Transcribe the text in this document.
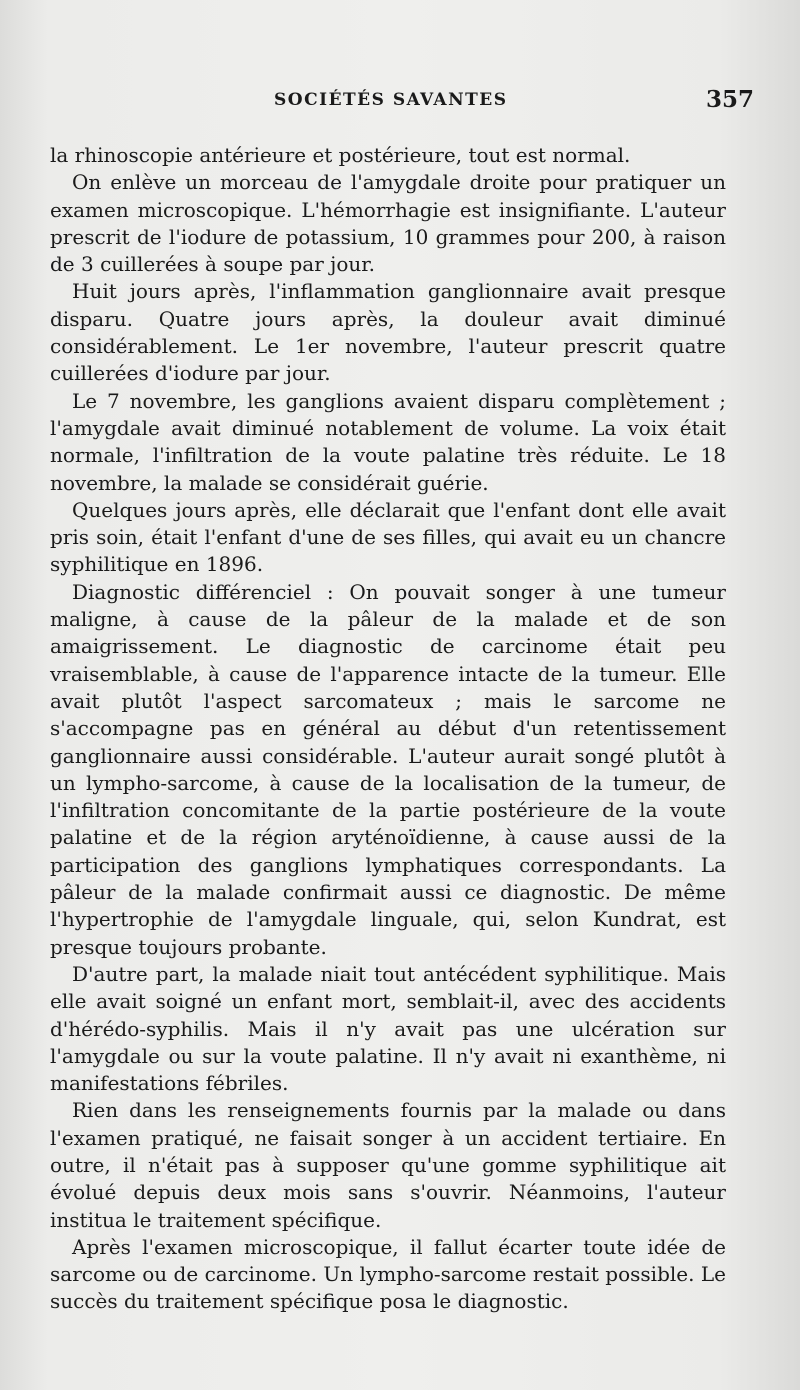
SOCIÉTÉS SAVANTES	357

la rhinoscopie antérieure et postérieure, tout est normal.

On enlève un morceau de l'amygdale droite pour pratiquer un examen microscopique. L'hémorrhagie est insignifiante. L'auteur prescrit de l'iodure de potassium, 10 grammes pour 200, à raison de 3 cuillerées à soupe par jour.

Huit jours après, l'inflammation ganglionnaire avait presque disparu. Quatre jours après, la douleur avait diminué considérablement. Le 1er novembre, l'auteur prescrit quatre cuillerées d'iodure par jour.

Le 7 novembre, les ganglions avaient disparu complètement ; l'amygdale avait diminué notablement de volume. La voix était normale, l'infiltration de la voute palatine très réduite. Le 18 novembre, la malade se considérait guérie.

Quelques jours après, elle déclarait que l'enfant dont elle avait pris soin, était l'enfant d'une de ses filles, qui avait eu un chancre syphilitique en 1896.

Diagnostic différenciel : On pouvait songer à une tumeur maligne, à cause de la pâleur de la malade et de son amaigrissement. Le diagnostic de carcinome était peu vraisemblable, à cause de l'apparence intacte de la tumeur. Elle avait plutôt l'aspect sarcomateux ; mais le sarcome ne s'accompagne pas en général au début d'un retentissement ganglionnaire aussi considérable. L'auteur aurait songé plutôt à un lympho-sarcome, à cause de la localisation de la tumeur, de l'infiltration concomitante de la partie postérieure de la voute palatine et de la région aryténoïdienne, à cause aussi de la participation des ganglions lymphatiques correspondants. La pâleur de la malade confirmait aussi ce diagnostic. De même l'hypertrophie de l'amygdale linguale, qui, selon Kundrat, est presque toujours probante.

D'autre part, la malade niait tout antécédent syphilitique. Mais elle avait soigné un enfant mort, semblait-il, avec des accidents d'hérédo-syphilis. Mais il n'y avait pas une ulcération sur l'amygdale ou sur la voute palatine. Il n'y avait ni exanthème, ni manifestations fébriles.

Rien dans les renseignements fournis par la malade ou dans l'examen pratiqué, ne faisait songer à un accident tertiaire. En outre, il n'était pas à supposer qu'une gomme syphilitique ait évolué depuis deux mois sans s'ouvrir. Néanmoins, l'auteur institua le traitement spécifique.

Après l'examen microscopique, il fallut écarter toute idée de sarcome ou de carcinome. Un lympho-sarcome restait possible. Le succès du traitement spécifique posa le diagnostic.
